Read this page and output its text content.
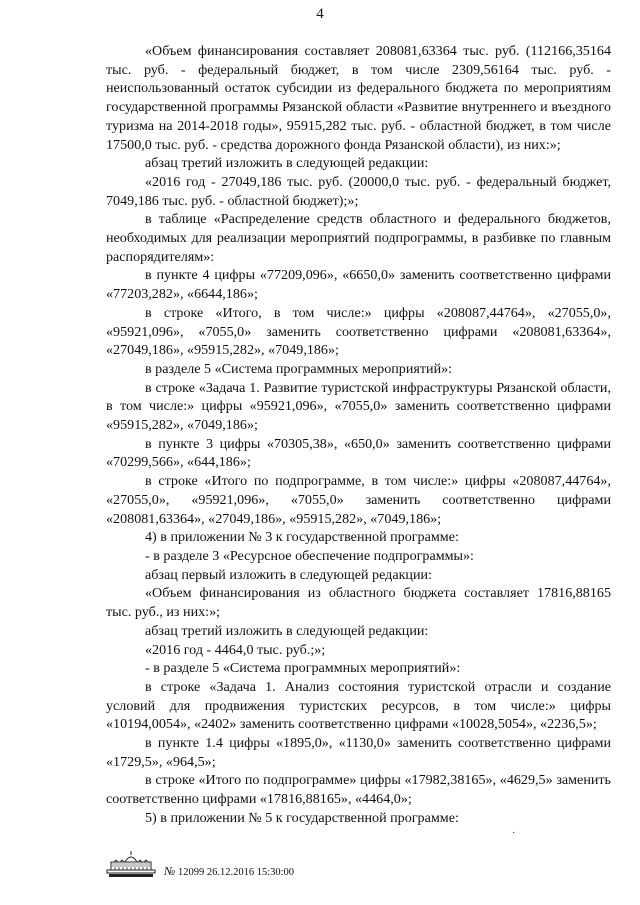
4

«Объем финансирования составляет 208081,63364 тыс. руб. (112166,35164 тыс. руб. - федеральный бюджет, в том числе 2309,56164 тыс. руб. - неиспользованный остаток субсидии из федерального бюджета по мероприятиям государственной программы Рязанской области «Развитие внутреннего и въездного туризма на 2014-2018 годы», 95915,282 тыс. руб. - областной бюджет, в том числе 17500,0 тыс. руб. - средства дорожного фонда Рязанской области), из них:»;

абзац третий изложить в следующей редакции:

«2016 год - 27049,186 тыс. руб. (20000,0 тыс. руб. - федеральный бюджет, 7049,186 тыс. руб. - областной бюджет);»;

в таблице «Распределение средств областного и федерального бюджетов, необходимых для реализации мероприятий подпрограммы, в разбивке по главным распорядителям»:

в пункте 4 цифры «77209,096», «6650,0» заменить соответственно цифрами «77203,282», «6644,186»;

в строке «Итого, в том числе:» цифры «208087,44764», «27055,0», «95921,096», «7055,0» заменить соответственно цифрами «208081,63364», «27049,186», «95915,282», «7049,186»;

в разделе 5 «Система программных мероприятий»:

в строке «Задача 1. Развитие туристской инфраструктуры Рязанской области, в том числе:» цифры «95921,096», «7055,0» заменить соответственно цифрами «95915,282», «7049,186»;

в пункте 3 цифры «70305,38», «650,0» заменить соответственно цифрами «70299,566», «644,186»;

в строке «Итого по подпрограмме, в том числе:» цифры «208087,44764», «27055,0», «95921,096», «7055,0» заменить соответственно цифрами «208081,63364», «27049,186», «95915,282», «7049,186»;

4) в приложении № 3 к государственной программе:

- в разделе 3 «Ресурсное обеспечение подпрограммы»:

абзац первый изложить в следующей редакции:

«Объем финансирования из областного бюджета составляет 17816,88165 тыс. руб., из них:»;

абзац третий изложить в следующей редакции:

«2016 год - 4464,0 тыс. руб.;»;

- в разделе 5 «Система программных мероприятий»:

в строке «Задача 1. Анализ состояния туристской отрасли и создание условий для продвижения туристских ресурсов, в том числе:» цифры «10194,0054», «2402» заменить соответственно цифрами «10028,5054», «2236,5»;

в пункте 1.4 цифры «1895,0», «1130,0» заменить соответственно цифрами «1729,5», «964,5»;

в строке «Итого по подпрограмме» цифры «17982,38165», «4629,5» заменить соответственно цифрами «17816,88165», «4464,0»;

5) в приложении № 5 к государственной программе:

·
№ 12099 26.12.2016 15:30:00
